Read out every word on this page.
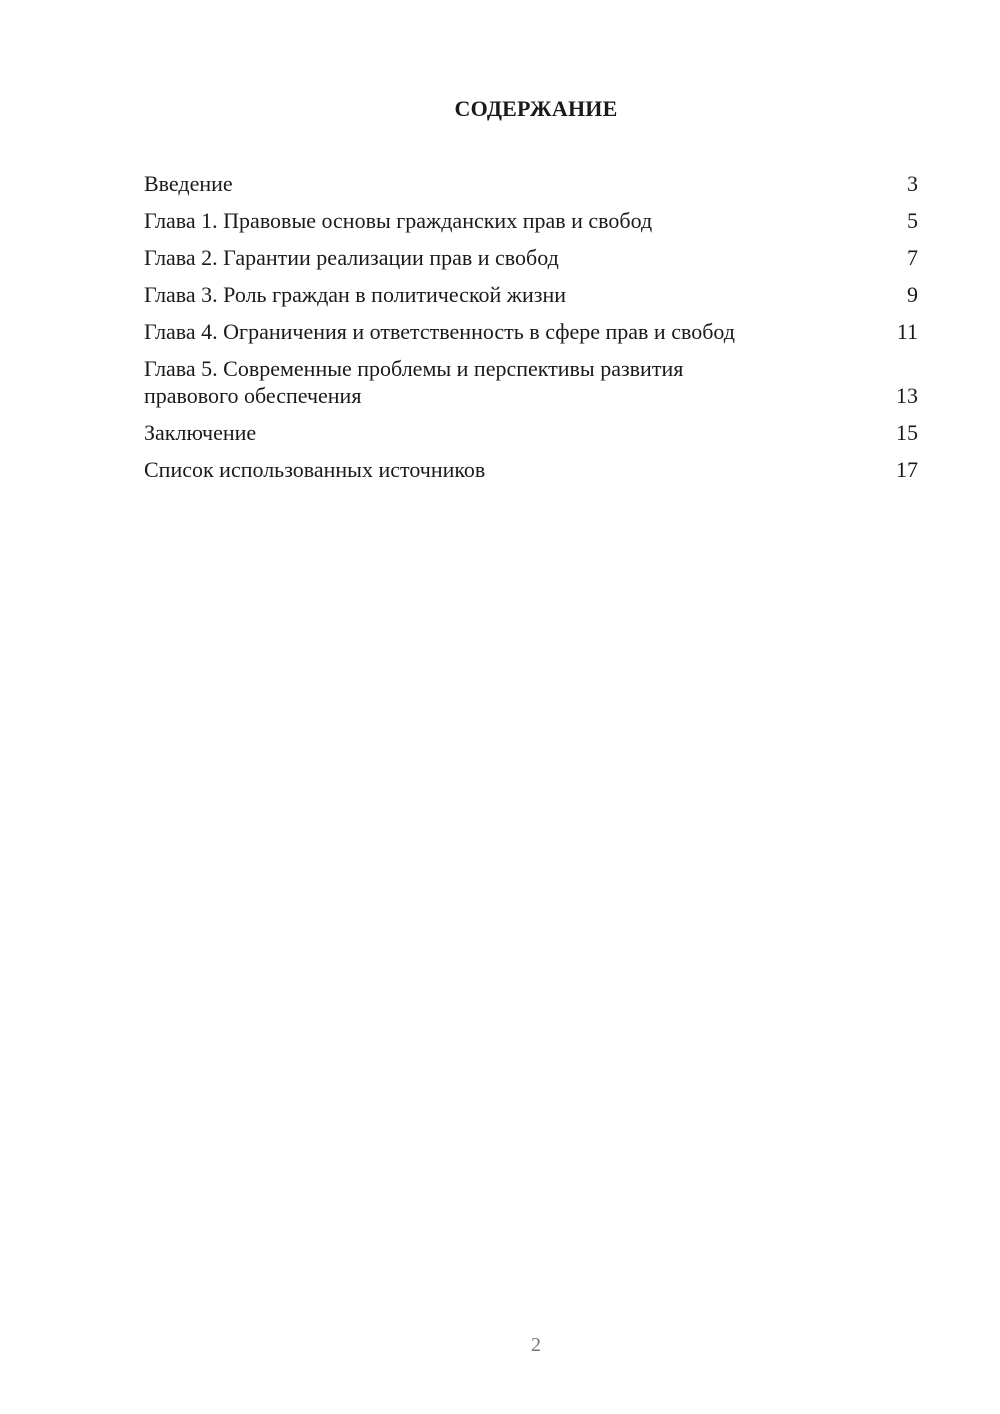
СОДЕРЖАНИЕ
Введение	3
Глава 1. Правовые основы гражданских прав и свобод	5
Глава 2. Гарантии реализации прав и свобод	7
Глава 3. Роль граждан в политической жизни	9
Глава 4. Ограничения и ответственность в сфере прав и свобод	11
Глава 5. Современные проблемы и перспективы развития
правового обеспечения	13
Заключение	15
Список использованных источников	17
2
